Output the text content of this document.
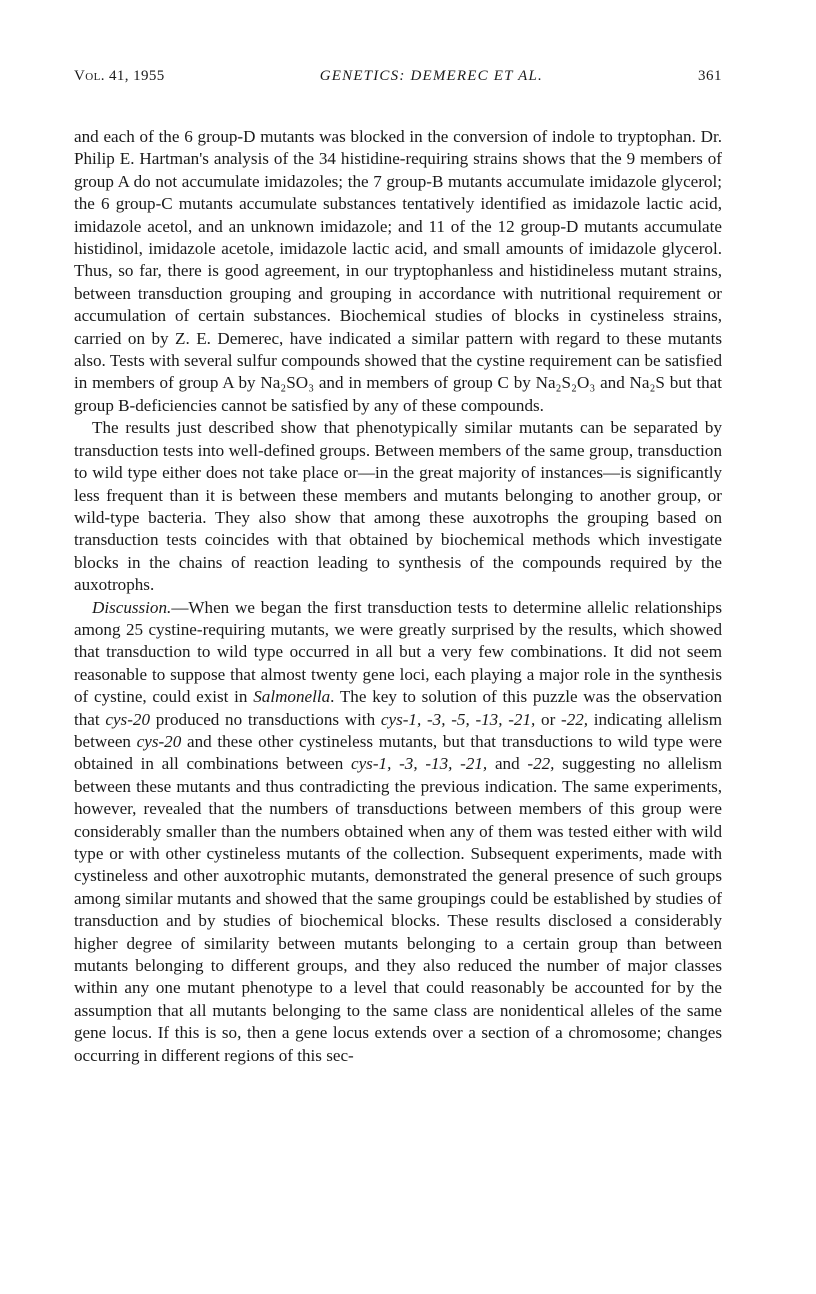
Vol. 41, 1955	GENETICS: DEMEREC ET AL.	361

and each of the 6 group-D mutants was blocked in the conversion of indole to tryptophan. Dr. Philip E. Hartman's analysis of the 34 histidine-requiring strains shows that the 9 members of group A do not accumulate imidazoles; the 7 group-B mutants accumulate imidazole glycerol; the 6 group-C mutants accumulate substances tentatively identified as imidazole lactic acid, imidazole acetol, and an unknown imidazole; and 11 of the 12 group-D mutants accumulate histidinol, imidazole acetole, imidazole lactic acid, and small amounts of imidazole glycerol. Thus, so far, there is good agreement, in our tryptophanless and histidineless mutant strains, between transduction grouping and grouping in accordance with nutritional requirement or accumulation of certain substances. Biochemical studies of blocks in cystineless strains, carried on by Z. E. Demerec, have indicated a similar pattern with regard to these mutants also. Tests with several sulfur compounds showed that the cystine requirement can be satisfied in members of group A by Na₂SO₃ and in members of group C by Na₂S₂O₃ and Na₂S but that group B-deficiencies cannot be satisfied by any of these compounds.

The results just described show that phenotypically similar mutants can be separated by transduction tests into well-defined groups. Between members of the same group, transduction to wild type either does not take place or—in the great majority of instances—is significantly less frequent than it is between these members and mutants belonging to another group, or wild-type bacteria. They also show that among these auxotrophs the grouping based on transduction tests coincides with that obtained by biochemical methods which investigate blocks in the chains of reaction leading to synthesis of the compounds required by the auxotrophs.

Discussion.—When we began the first transduction tests to determine allelic relationships among 25 cystine-requiring mutants, we were greatly surprised by the results, which showed that transduction to wild type occurred in all but a very few combinations. It did not seem reasonable to suppose that almost twenty gene loci, each playing a major role in the synthesis of cystine, could exist in Salmonella. The key to solution of this puzzle was the observation that cys-20 produced no transductions with cys-1, -3, -5, -13, -21, or -22, indicating allelism between cys-20 and these other cystineless mutants, but that transductions to wild type were obtained in all combinations between cys-1, -3, -13, -21, and -22, suggesting no allelism between these mutants and thus contradicting the previous indication. The same experiments, however, revealed that the numbers of transductions between members of this group were considerably smaller than the numbers obtained when any of them was tested either with wild type or with other cystineless mutants of the collection. Subsequent experiments, made with cystineless and other auxotrophic mutants, demonstrated the general presence of such groups among similar mutants and showed that the same groupings could be established by studies of transduction and by studies of biochemical blocks. These results disclosed a considerably higher degree of similarity between mutants belonging to a certain group than between mutants belonging to different groups, and they also reduced the number of major classes within any one mutant phenotype to a level that could reasonably be accounted for by the assumption that all mutants belonging to the same class are nonidentical alleles of the same gene locus. If this is so, then a gene locus extends over a section of a chromosome; changes occurring in different regions of this sec-
